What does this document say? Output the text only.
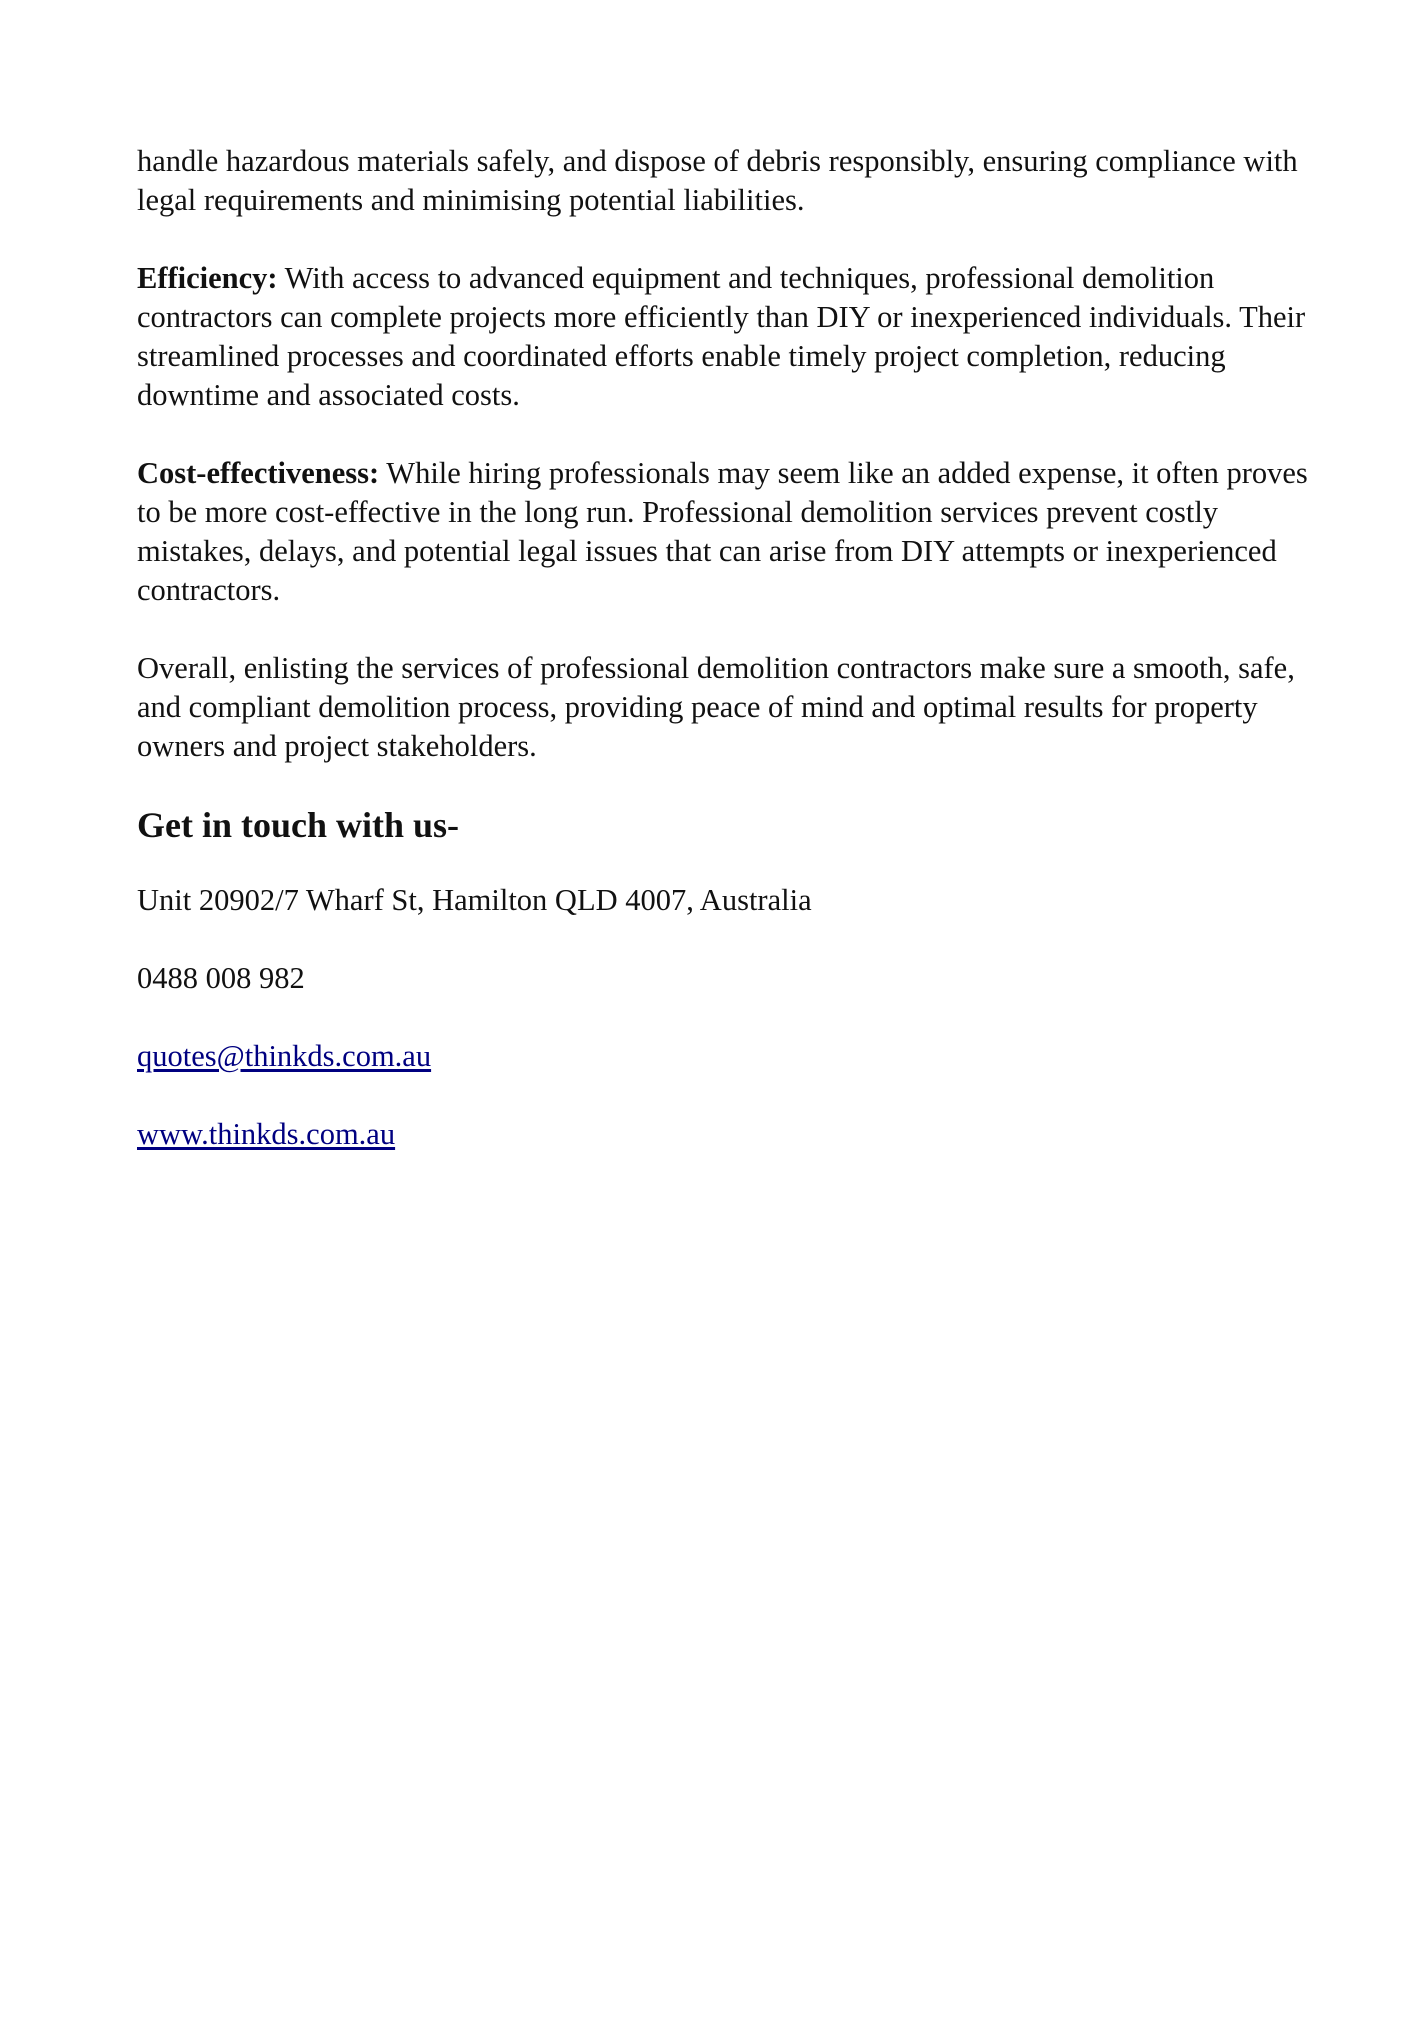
handle hazardous materials safely, and dispose of debris responsibly, ensuring compliance with legal requirements and minimising potential liabilities.

Efficiency: With access to advanced equipment and techniques, professional demolition contractors can complete projects more efficiently than DIY or inexperienced individuals. Their streamlined processes and coordinated efforts enable timely project completion, reducing downtime and associated costs.

Cost-effectiveness: While hiring professionals may seem like an added expense, it often proves to be more cost-effective in the long run. Professional demolition services prevent costly mistakes, delays, and potential legal issues that can arise from DIY attempts or inexperienced contractors.

Overall, enlisting the services of professional demolition contractors make sure a smooth, safe, and compliant demolition process, providing peace of mind and optimal results for property owners and project stakeholders.

Get in touch with us-

Unit 20902/7 Wharf St, Hamilton QLD 4007, Australia

0488 008 982

quotes@thinkds.com.au

www.thinkds.com.au
